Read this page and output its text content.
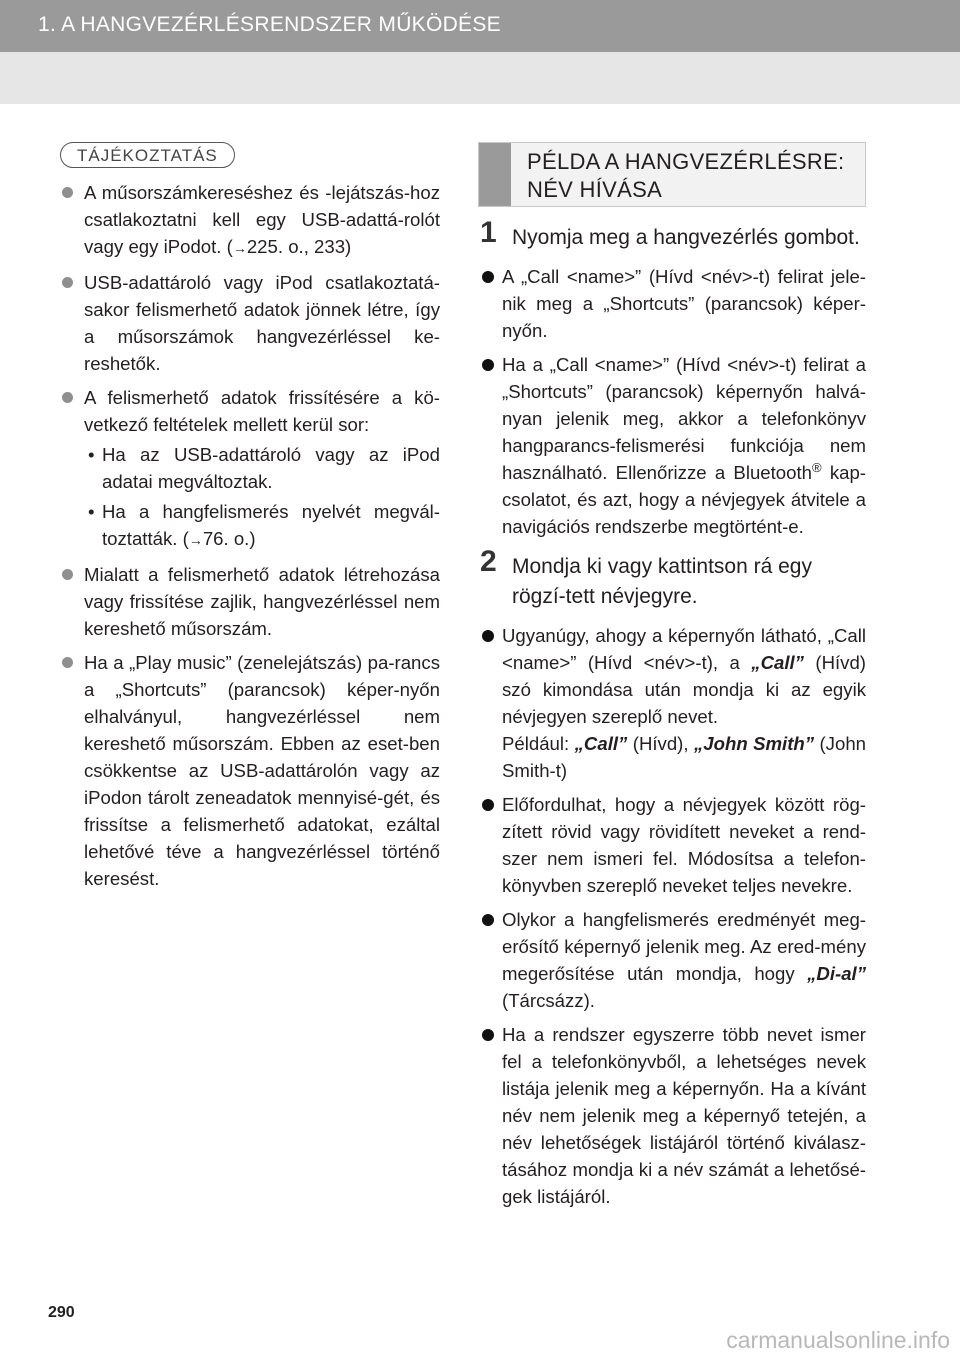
1. A HANGVEZÉRLÉSRENDSZER MŰKÖDÉSE
TÁJÉKOZTATÁS
A műsorszámkereséshez és -lejátszás-hoz csatlakoztatni kell egy USB-adattá-rolót vagy egy iPodot. (→225. o., 233)
USB-adattároló vagy iPod csatlakoztatá-sakor felismerhető adatok jönnek létre, így a műsorszámok hangvezérléssel ke-reshetők.
A felismerhető adatok frissítésére a kö-vetkező feltételek mellett kerül sor:
• Ha az USB-adattároló vagy az iPod adatai megváltoztak.
• Ha a hangfelismerés nyelvét megvál-toztatták. (→76. o.)
Mialatt a felismerhető adatok létrehozása vagy frissítése zajlik, hangvezérléssel nem kereshető műsorszám.
Ha a „Play music” (zenelejátszás) pa-rancs a „Shortcuts” (parancsok) képer-nyőn elhalványul, hangvezérléssel nem kereshető műsorszám. Ebben az eset-ben csökkentse az USB-adattárolón vagy az iPodon tárolt zeneadatok mennyisé-gét, és frissítse a felismerhető adatokat, ezáltal lehetővé téve a hangvezérléssel történő keresést.
PÉLDA A HANGVEZÉRLÉSRE:
NÉV HÍVÁSA
1 Nyomja meg a hangvezérlés gombot.
A „Call <name>” (Hívd <név>-t) felirat jele-nik meg a „Shortcuts” (parancsok) képer-nyőn.
Ha a „Call <name>” (Hívd <név>-t) felirat a „Shortcuts” (parancsok) képernyőn halvá-nyan jelenik meg, akkor a telefonkönyv hangparancs-felismerési funkciója nem használható. Ellenőrizze a Bluetooth® kap-csolatot, és azt, hogy a névjegyek átvitele a navigációs rendszerbe megtörtént-e.
2 Mondja ki vagy kattintson rá egy rögzí-tett névjegyre.
Ugyanúgy, ahogy a képernyőn látható, „Call <name>” (Hívd <név>-t), a „Call” (Hívd) szó kimondása után mondja ki az egyik névjegyen szereplő nevet.
Például: „Call” (Hívd), „John Smith” (John Smith-t)
Előfordulhat, hogy a névjegyek között rög-zített rövid vagy rövidített neveket a rend-szer nem ismeri fel. Módosítsa a telefon-könyvben szereplő neveket teljes nevekre.
Olykor a hangfelismerés eredményét meg-erősítő képernyő jelenik meg. Az ered-mény megerősítése után mondja, hogy „Di-al” (Tárcsázz).
Ha a rendszer egyszerre több nevet ismer fel a telefonkönyvből, a lehetséges nevek listája jelenik meg a képernyőn. Ha a kívánt név nem jelenik meg a képernyő tetején, a név lehetőségek listájáról történő kiválasz-tásához mondja ki a név számát a lehetősé-gek listájáról.
290
carmanualsonline.info
